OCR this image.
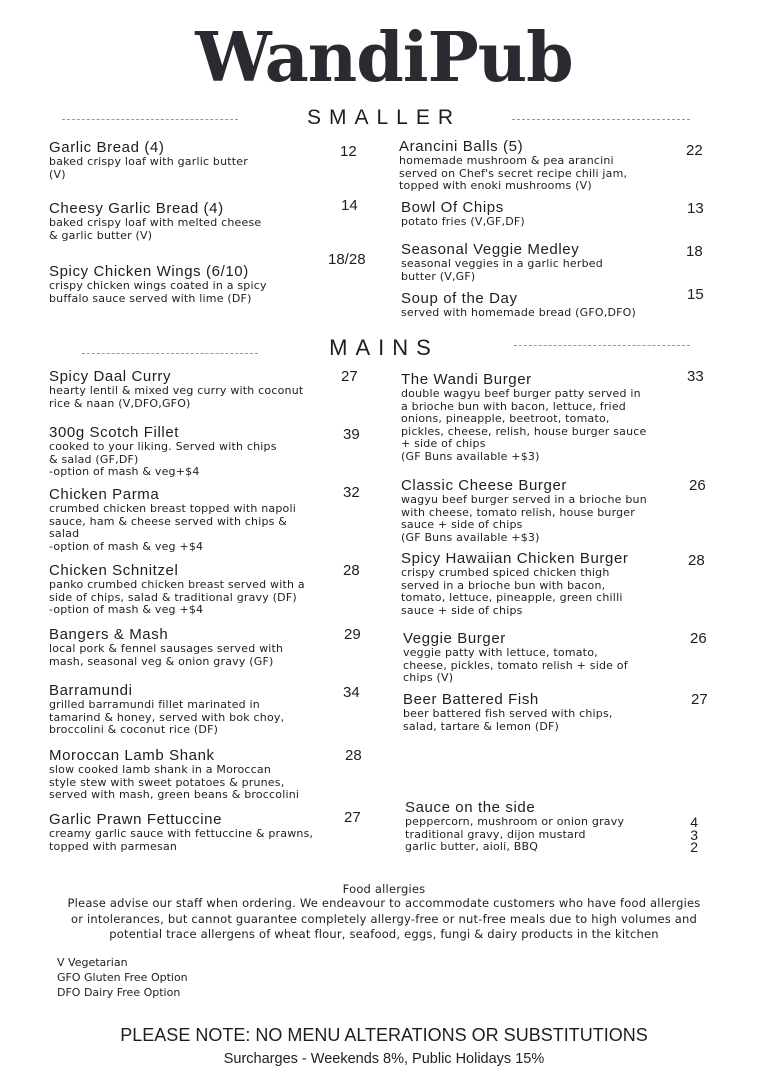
WandiPub
SMALLER
Garlic Bread (4)
baked crispy loaf with garlic butter
(V)
12
Cheesy Garlic Bread (4)
baked crispy loaf with melted cheese
& garlic butter (V)
14
Spicy Chicken Wings (6/10)
crispy chicken wings coated in a spicy
buffalo sauce served with lime (DF)
18/28
Arancini Balls (5)
homemade mushroom & pea arancini
served on Chef's secret recipe chili jam,
topped with enoki mushrooms (V)
22
Bowl Of Chips
potato fries (V,GF,DF)
13
Seasonal Veggie Medley
seasonal veggies in a garlic herbed
butter (V,GF)
18
Soup of the Day
served with homemade bread (GFO,DFO)
15
MAINS
Spicy Daal Curry
hearty lentil & mixed veg curry with coconut
rice & naan (V,DFO,GFO)
27
300g Scotch Fillet
cooked to your liking. Served with chips
& salad (GF,DF)
-option of mash & veg+$4
39
Chicken Parma
crumbed chicken breast topped with napoli
sauce, ham & cheese served with chips &
salad
-option of mash & veg +$4
32
Chicken Schnitzel
panko crumbed chicken breast served with a
side of chips, salad & traditional gravy (DF)
-option of mash & veg +$4
28
Bangers & Mash
local pork & fennel sausages served with
mash, seasonal veg & onion gravy (GF)
29
Barramundi
grilled barramundi fillet marinated in
tamarind & honey, served with bok choy,
broccolini & coconut rice (DF)
34
Moroccan Lamb Shank
slow cooked lamb shank in a Moroccan
style stew with sweet potatoes & prunes,
served with mash, green beans & broccolini
28
Garlic Prawn Fettuccine
creamy garlic sauce with fettuccine & prawns,
topped with parmesan
27
The Wandi Burger
double wagyu beef burger patty served in
a brioche bun with bacon, lettuce, fried
onions, pineapple, beetroot, tomato,
pickles, cheese, relish, house burger sauce
+ side of chips
(GF Buns available +$3)
33
Classic Cheese Burger
wagyu beef burger served in a brioche bun
with cheese, tomato relish, house burger
sauce + side of chips
(GF Buns available +$3)
26
Spicy Hawaiian Chicken Burger
crispy crumbed spiced chicken thigh
served in a brioche bun with bacon,
tomato, lettuce, pineapple, green chilli
sauce + side of chips
28
Veggie Burger
veggie patty with lettuce, tomato,
cheese, pickles, tomato relish + side of
chips (V)
26
Beer Battered Fish
beer battered fish served with chips,
salad, tartare & lemon (DF)
27
Sauce on the side
peppercorn, mushroom or onion gravy
traditional gravy, dijon mustard
garlic butter, aioli, BBQ
4
3
2
Food allergies
Please advise our staff when ordering. We endeavour to accommodate customers who have food allergies or intolerances, but cannot guarantee completely allergy-free or nut-free meals due to high volumes and potential trace allergens of wheat flour, seafood, eggs, fungi & dairy products in the kitchen
V Vegetarian
GFO Gluten Free Option
DFO Dairy Free Option
PLEASE NOTE: NO MENU ALTERATIONS OR SUBSTITUTIONS
Surcharges - Weekends 8%, Public Holidays 15%
